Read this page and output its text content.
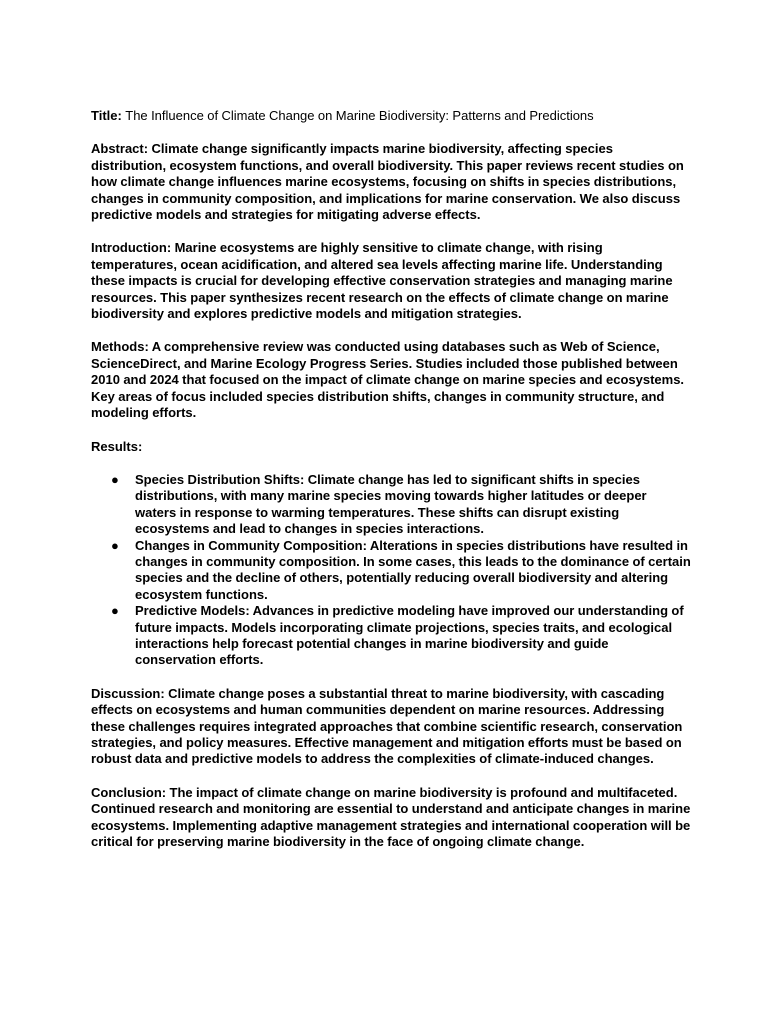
Title: The Influence of Climate Change on Marine Biodiversity: Patterns and Predictions

Abstract: Climate change significantly impacts marine biodiversity, affecting species distribution, ecosystem functions, and overall biodiversity. This paper reviews recent studies on how climate change influences marine ecosystems, focusing on shifts in species distributions, changes in community composition, and implications for marine conservation. We also discuss predictive models and strategies for mitigating adverse effects.

Introduction: Marine ecosystems are highly sensitive to climate change, with rising temperatures, ocean acidification, and altered sea levels affecting marine life. Understanding these impacts is crucial for developing effective conservation strategies and managing marine resources. This paper synthesizes recent research on the effects of climate change on marine biodiversity and explores predictive models and mitigation strategies.

Methods: A comprehensive review was conducted using databases such as Web of Science, ScienceDirect, and Marine Ecology Progress Series. Studies included those published between 2010 and 2024 that focused on the impact of climate change on marine species and ecosystems. Key areas of focus included species distribution shifts, changes in community structure, and modeling efforts.

Results:

● Species Distribution Shifts: Climate change has led to significant shifts in species distributions, with many marine species moving towards higher latitudes or deeper waters in response to warming temperatures. These shifts can disrupt existing ecosystems and lead to changes in species interactions.
● Changes in Community Composition: Alterations in species distributions have resulted in changes in community composition. In some cases, this leads to the dominance of certain species and the decline of others, potentially reducing overall biodiversity and altering ecosystem functions.
● Predictive Models: Advances in predictive modeling have improved our understanding of future impacts. Models incorporating climate projections, species traits, and ecological interactions help forecast potential changes in marine biodiversity and guide conservation efforts.

Discussion: Climate change poses a substantial threat to marine biodiversity, with cascading effects on ecosystems and human communities dependent on marine resources. Addressing these challenges requires integrated approaches that combine scientific research, conservation strategies, and policy measures. Effective management and mitigation efforts must be based on robust data and predictive models to address the complexities of climate-induced changes.

Conclusion: The impact of climate change on marine biodiversity is profound and multifaceted. Continued research and monitoring are essential to understand and anticipate changes in marine ecosystems. Implementing adaptive management strategies and international cooperation will be critical for preserving marine biodiversity in the face of ongoing climate change.
